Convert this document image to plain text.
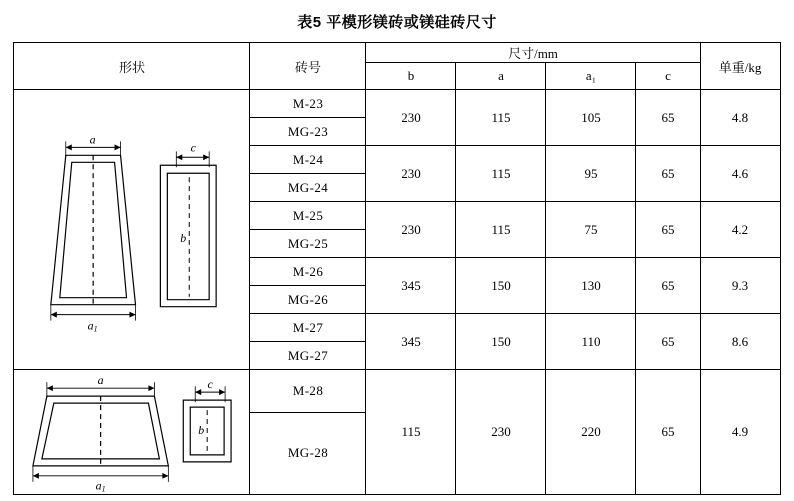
表5 平模形镁砖或镁硅砖尺寸
形状	砖号	尺寸/mm				单重/kg
		b	a	a₁	c	

a
a1
c
b	M-23	230	115	105	65	4.8
	MG-23					
	M-24	230	115	95	65	4.6
	MG-24					
	M-25	230	115	75	65	4.2
	MG-25					
	M-26	345	150	130	65	9.3
	MG-26					
	M-27	345	150	110	65	8.6
	MG-27					

a
a1
c
b	M-28	115	230	220	65	4.9
	MG-28					
